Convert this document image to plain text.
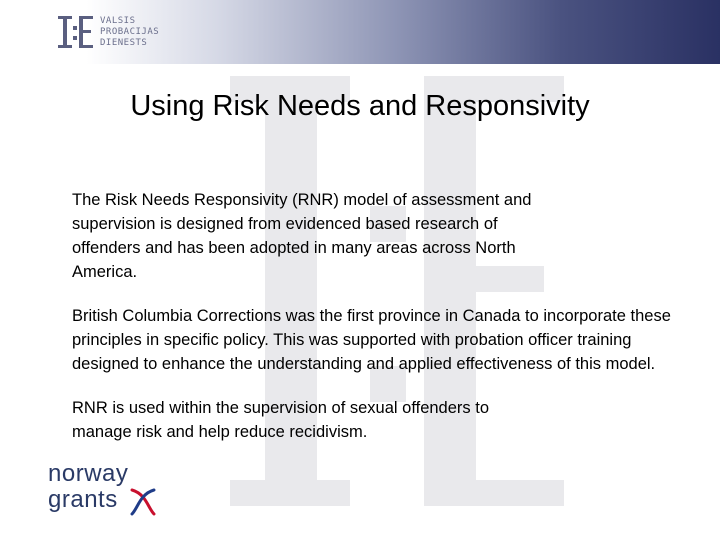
VALSIS
PROBACIJAS
DIENESTS
Using Risk Needs and Responsivity

The Risk Needs Responsivity (RNR) model of assessment and supervision is designed from evidenced based research of offenders and has been adopted in many areas across North America.

British Columbia Corrections was the first province in Canada to incorporate these principles in specific policy. This was supported with probation officer training designed to enhance the understanding and applied effectiveness of this model.

RNR is used within the supervision of sexual offenders to manage risk and help reduce recidivism.

norway
grants
